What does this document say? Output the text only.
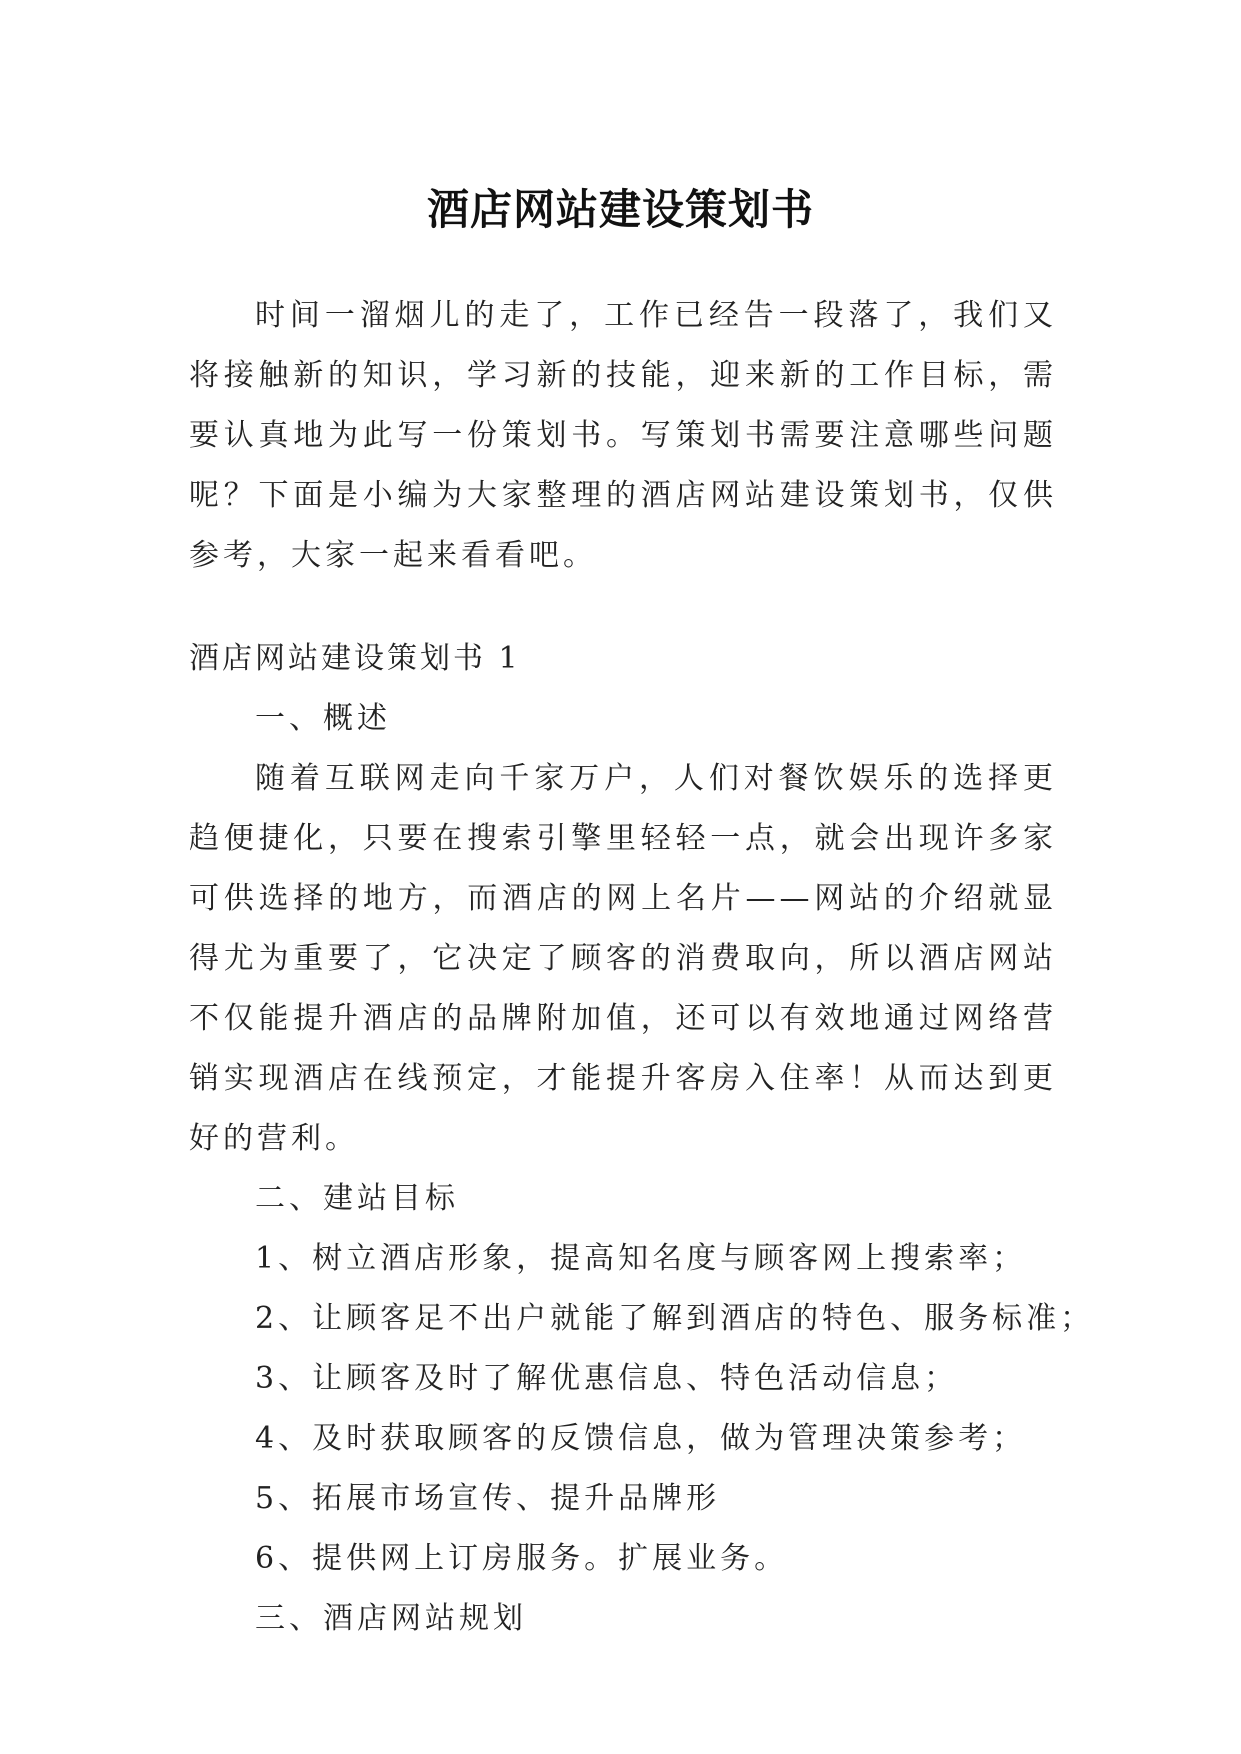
酒店网站建设策划书

时间一溜烟儿的走了，工作已经告一段落了，我们又将接触新的知识，学习新的技能，迎来新的工作目标，需要认真地为此写一份策划书。写策划书需要注意哪些问题呢？下面是小编为大家整理的酒店网站建设策划书，仅供参考，大家一起来看看吧。

酒店网站建设策划书 1

一、概述

随着互联网走向千家万户，人们对餐饮娱乐的选择更趋便捷化，只要在搜索引擎里轻轻一点，就会出现许多家可供选择的地方，而酒店的网上名片——网站的介绍就显得尤为重要了，它决定了顾客的消费取向，所以酒店网站不仅能提升酒店的品牌附加值，还可以有效地通过网络营销实现酒店在线预定，才能提升客房入住率！从而达到更好的营利。

二、建站目标

1、树立酒店形象，提高知名度与顾客网上搜索率；

2、让顾客足不出户就能了解到酒店的特色、服务标准；

3、让顾客及时了解优惠信息、特色活动信息；

4、及时获取顾客的反馈信息，做为管理决策参考；

5、拓展市场宣传、提升品牌形

6、提供网上订房服务。扩展业务。

三、酒店网站规划
